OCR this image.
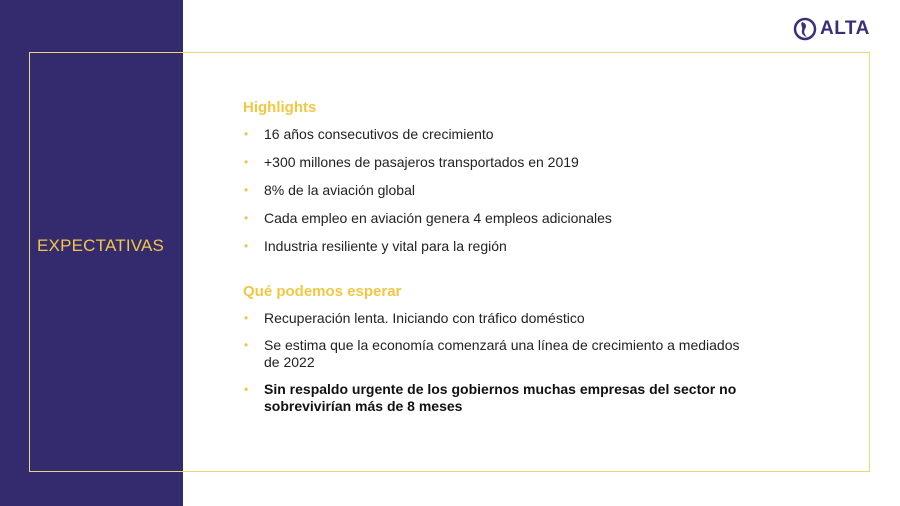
EXPECTATIVAS
ALTA
Highlights
• 16 años consecutivos de crecimiento
• +300 millones de pasajeros transportados en 2019
• 8% de la aviación global
• Cada empleo en aviación genera 4 empleos adicionales
• Industria resiliente y vital para la región
Qué podemos esperar
• Recuperación lenta. Iniciando con tráfico doméstico
• Se estima que la economía comenzará una línea de crecimiento a mediados de 2022
• Sin respaldo urgente de los gobiernos muchas empresas del sector no sobrevivirían más de 8 meses
